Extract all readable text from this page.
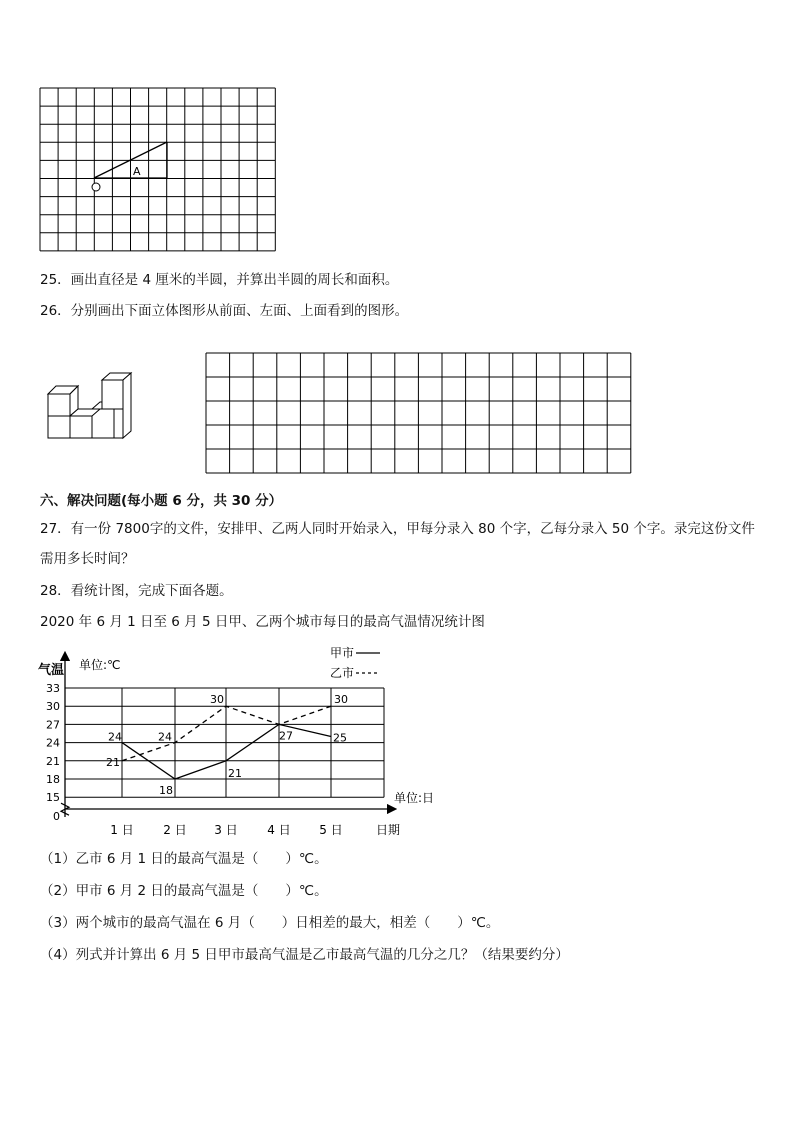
A
25．画出直径是 4 厘米的半圆，并算出半圆的周长和面积。
26．分别画出下面立体图形从前面、左面、上面看到的图形。
六、解决问题(每小题 6 分，共 30 分）
27．有一份 7800字的文件，安排甲、乙两人同时开始录入，甲每分录入 80 个字，乙每分录入 50 个字。录完这份文件
需用多长时间？
28．看统计图，完成下面各题。
2020 年 6 月 1 日至 6 月 5 日甲、乙两个城市每日的最高气温情况统计图
33
30
27
24
21
18
15
0
1 日 2 日 3 日 4 日 5 日
24	24
30	30
21
18
21
27	25
气温 单位:℃
单位:日
日期
甲市
乙市
（1）乙市 6 月 1 日的最高气温是（　　）℃。
（2）甲市 6 月 2 日的最高气温是（　　）℃。
（3）两个城市的最高气温在 6 月（　　）日相差的最大，相差（　　）℃。
（4）列式并计算出 6 月 5 日甲市最高气温是乙市最高气温的几分之几？（结果要约分）
